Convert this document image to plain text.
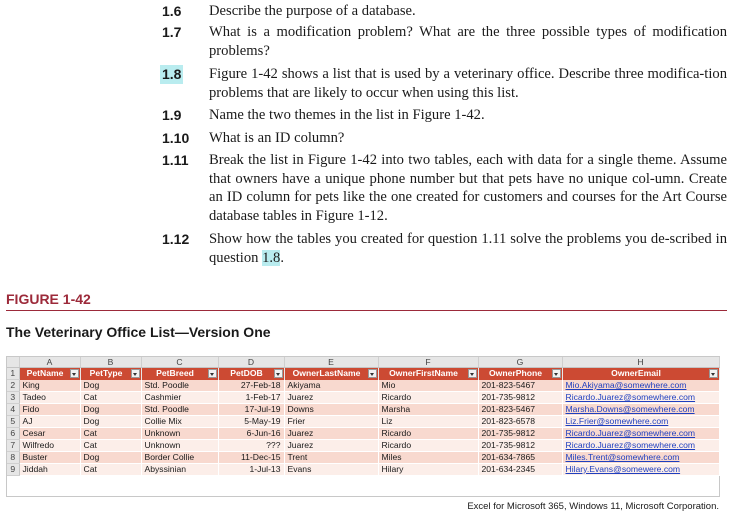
1.6 Describe the purpose of a database.
1.7 What is a modification problem? What are the three possible types of modification problems?
1.8 Figure 1-42 shows a list that is used by a veterinary office. Describe three modifica-tion problems that are likely to occur when using this list.
1.9 Name the two themes in the list in Figure 1-42.
1.10 What is an ID column?
1.11 Break the list in Figure 1-42 into two tables, each with data for a single theme. Assume that owners have a unique phone number but that pets have no unique col-umn. Create an ID column for pets like the one created for customers and courses for the Art Course database tables in Figure 1-12.
1.12 Show how the tables you created for question 1.11 solve the problems you de-scribed in question 1.8.
FIGURE 1-42
The Veterinary Office List—Version One
	A	B	C	D	E	F	G	H
1	PetName	PetType	PetBreed	PetDOB	OwnerLastName	OwnerFirstName	OwnerPhone	OwnerEmail

2	King	Dog	Std. Poodle	27-Feb-18	Akiyama	Mio	201-823-5467	Mio.Akiyama@somewhere.com
3	Tadeo	Cat	Cashmier	1-Feb-17	Juarez	Ricardo	201-735-9812	Ricardo.Juarez@somewhere.com
4	Fido	Dog	Std. Poodle	17-Jul-19	Downs	Marsha	201-823-5467	Marsha.Downs@somewhere.com
5	AJ	Dog	Collie Mix	5-May-19	Frier	Liz	201-823-6578	Liz.Frier@somewhere.com
6	Cesar	Cat	Unknown	6-Jun-16	Juarez	Ricardo	201-735-9812	Ricardo.Juarez@somewhere.com
7	Wilfredo	Cat	Unknown	???	Juarez	Ricardo	201-735-9812	Ricardo.Juarez@somewhere.com
8	Buster	Dog	Border Collie	11-Dec-15	Trent	Miles	201-634-7865	Miles.Trent@somewhere.com
9	Jiddah	Cat	Abyssinian	1-Jul-13	Evans	Hilary	201-634-2345	Hilary.Evans@somewere.com
Excel for Microsoft 365, Windows 11, Microsoft Corporation.
